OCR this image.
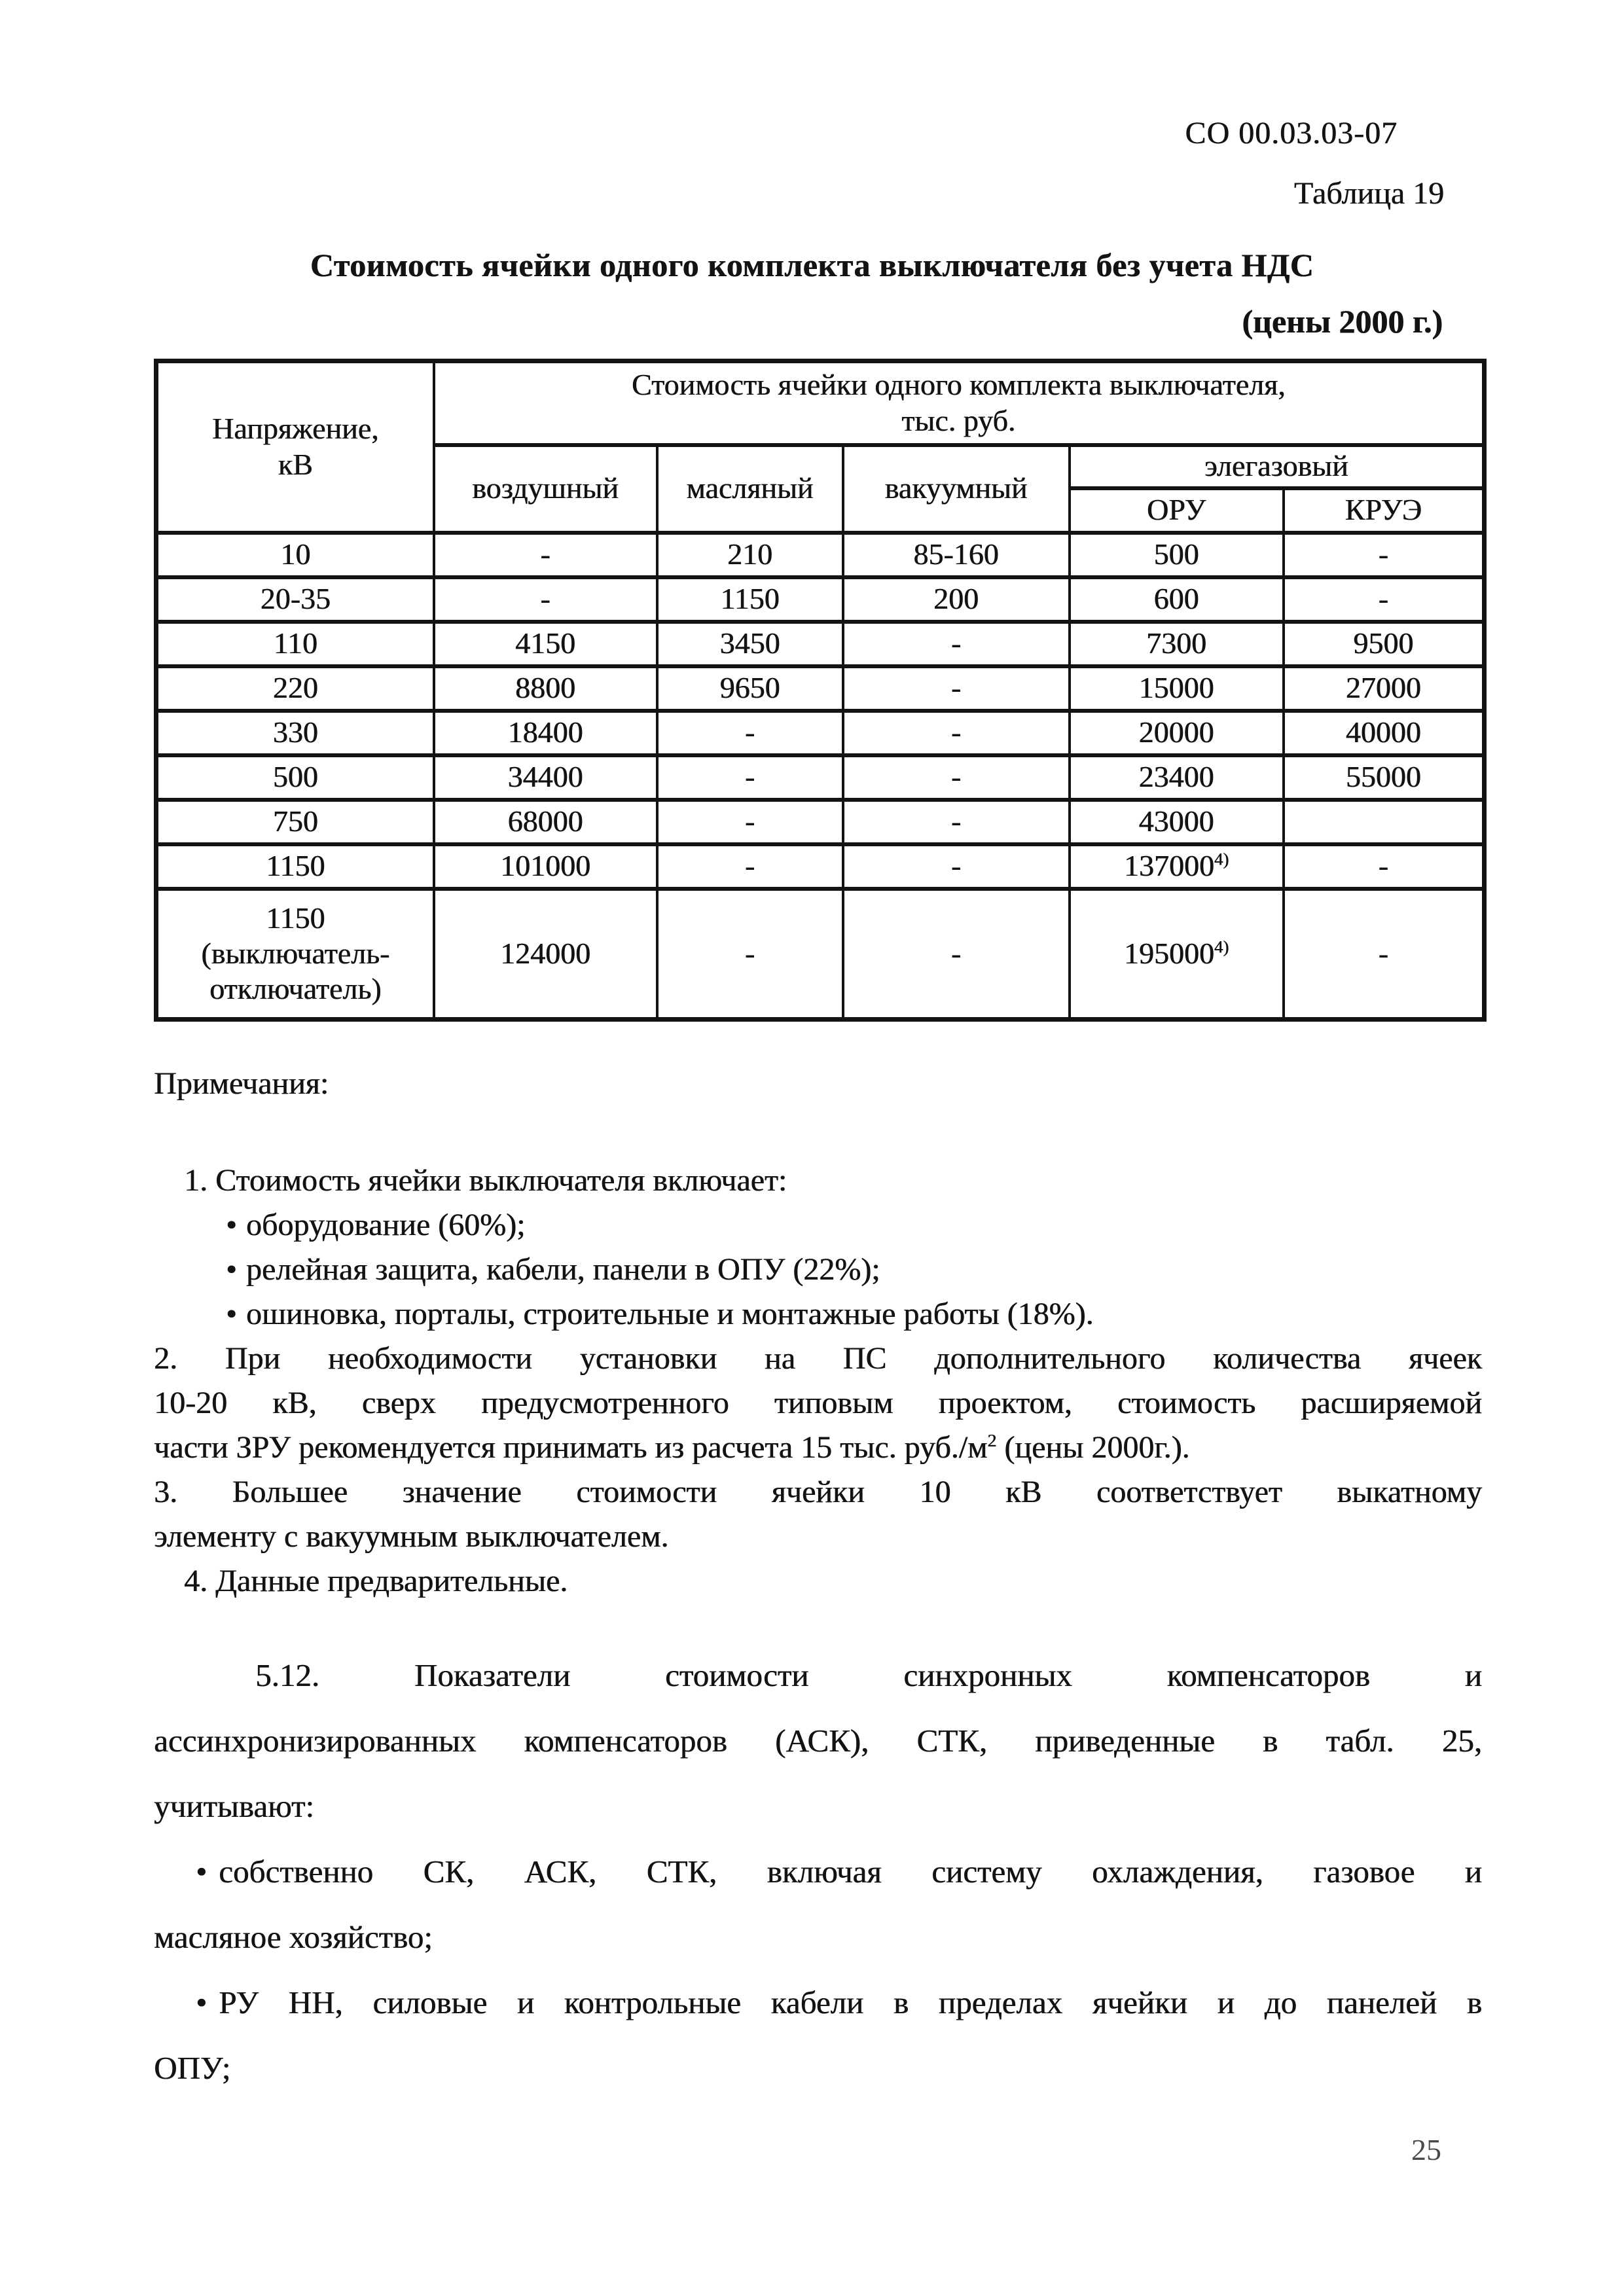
СО 00.03.03-07
Таблица 19
Стоимость ячейки одного комплекта выключателя без учета НДС
(цены 2000 г.)
Напряжение,
кВ	Стоимость ячейки одного комплекта выключателя,
тыс. руб.				
	воздушный	масляный	вакуумный	элегазовый	
				ОРУ	КРУЭ
10	-	210	85-160	500	-
20-35	-	1150	200	600	-
110	4150	3450	-	7300	9500
220	8800	9650	-	15000	27000
330	18400	-	-	20000	40000
500	34400	-	-	23400	55000
750	68000	-	-	43000	
1150	101000	-	-	137000$^{4)}$	-
1150
(выключатель-
отключатель)	124000	-	-	195000$^{4)}$	-
Примечания:
1. Стоимость ячейки выключателя включает:
• оборудование (60%);
• релейная защита, кабели, панели в ОПУ (22%);
• ошиновка, порталы, строительные и монтажные работы (18%).
2. При необходимости установки на ПС дополнительного количества ячеек
10-20 кВ, сверх предусмотренного типовым проектом, стоимость расширяемой
части ЗРУ рекомендуется принимать из расчета 15 тыс. руб./м$^2$ (цены 2000г.).
3. Большее значение стоимости ячейки 10 кВ соответствует выкатному
элементу с вакуумным выключателем.
4. Данные предварительные.
5.12. Показатели стоимости синхронных компенсаторов и
ассинхронизированных компенсаторов (АСК), СТК, приведенные в табл. 25,
учитывают:
• собственно СК, АСК, СТК, включая систему охлаждения, газовое и
масляное хозяйство;
• РУ НН, силовые и контрольные кабели в пределах ячейки и до панелей в
ОПУ;
25
